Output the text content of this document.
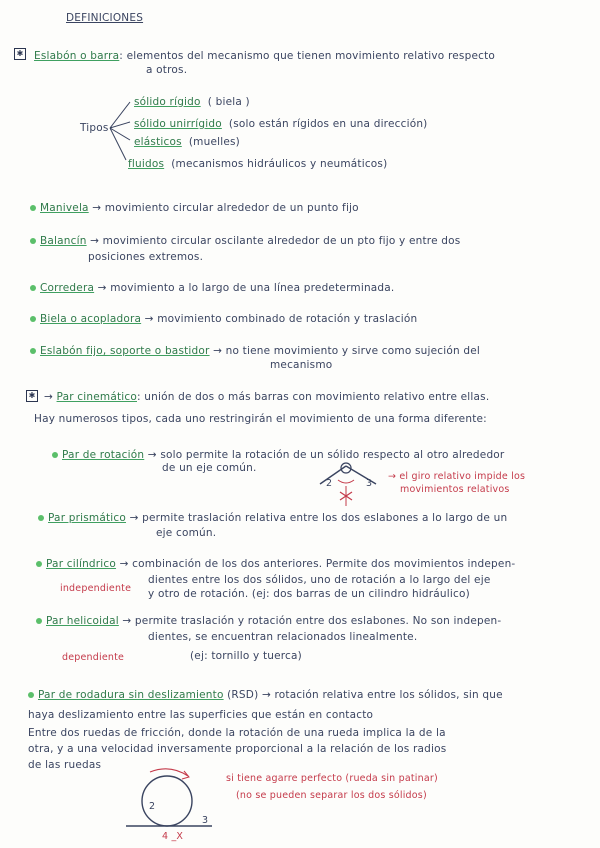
DEFINICIONES
✱ Eslabón o barra: elementos del mecanismo que tienen movimiento relativo respecto
a otros.
Tipos
sólido rígido ( biela )
sólido unirrígido (solo están rígidos en una dirección)
elásticos (muelles)
fluidos (mecanismos hidráulicos y neumáticos)
Manivela → movimiento circular alrededor de un punto fijo
Balancín → movimiento circular oscilante alrededor de un pto fijo y entre dos
posiciones extremos.
Corredera → movimiento a lo largo de una línea predeterminada.
Biela o acopladora → movimiento combinado de rotación y traslación
Eslabón fijo, soporte o bastidor → no tiene movimiento y sirve como sujeción del
mecanismo
✱ → Par cinemático: unión de dos o más barras con movimiento relativo entre ellas.
Hay numerosos tipos, cada uno restringirán el movimiento de una forma diferente:
Par de rotación → solo permite la rotación de un sólido respecto al otro alrededor
de un eje común.
2	3
→ el giro relativo impide los
movimientos relativos
Par prismático → permite traslación relativa entre los dos eslabones a lo largo de un
eje común.
Par cilíndrico → combinación de los dos anteriores. Permite dos movimientos indepen-
independiente
dientes entre los dos sólidos, uno de rotación a lo largo del eje
y otro de rotación. (ej: dos barras de un cilindro hidráulico)
Par helicoidal → permite traslación y rotación entre dos eslabones. No son indepen-
dientes, se encuentran relacionados linealmente.
dependiente	(ej: tornillo y tuerca)
Par de rodadura sin deslizamiento (RSD) → rotación relativa entre los sólidos, sin que
haya deslizamiento entre las superficies que están en contacto
Entre dos ruedas de fricción, donde la rotación de una rueda implica la de la
otra, y a una velocidad inversamente proporcional a la relación de los radios
de las ruedas
si tiene agarre perfecto (rueda sin patinar)
(no se pueden separar los dos sólidos)
2
3
4 _X
